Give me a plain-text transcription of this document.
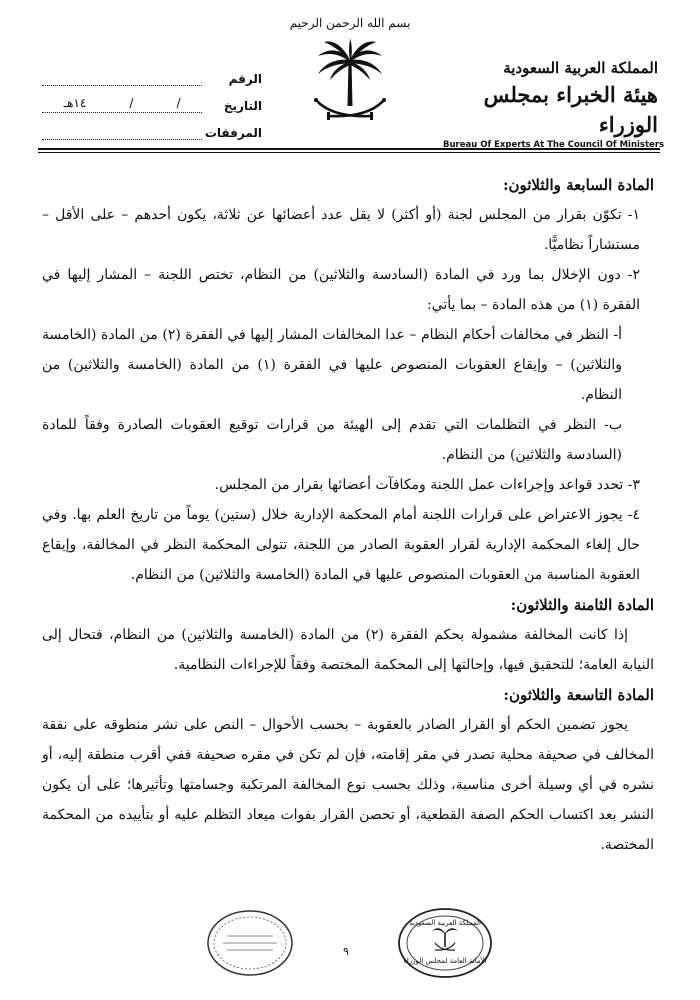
المملكة العربية السعودية
هيئة الخبراء بمجلس الوزراء
Bureau Of Experts At The Council Of Ministers
بسم الله الرحمن الرحيم
الرقم
التاريخ
/
/
١٤هـ
المرفقات
المادة السابعة والثلاثون:

١- تكوّن بقرار من المجلس لجنة (أو أكثر) لا يقل عدد أعضائها عن ثلاثة، يكون أحدهم – على الأقل – مستشاراً نظاميًّا.

٢- دون الإخلال بما ورد في المادة (السادسة والثلاثين) من النظام، تختص اللجنة – المشار إليها في الفقرة (١) من هذه المادة – بما يأتي:

أ- النظر في مخالفات أحكام النظام – عدا المخالفات المشار إليها في الفقرة (٢) من المادة (الخامسة والثلاثين) – وإيقاع العقوبات المنصوص عليها في الفقرة (١) من المادة (الخامسة والثلاثين) من النظام.

ب- النظر في التظلمات التي تقدم إلى الهيئة من قرارات توقيع العقوبات الصادرة وفقاً للمادة (السادسة والثلاثين) من النظام.

٣- تحدد قواعد وإجراءات عمل اللجنة ومكافآت أعضائها بقرار من المجلس.

٤- يجوز الاعتراض على قرارات اللجنة أمام المحكمة الإدارية خلال (ستين) يوماً من تاريخ العلم بها. وفي حال إلغاء المحكمة الإدارية لقرار العقوبة الصادر من اللجنة، تتولى المحكمة النظر في المخالفة، وإيقاع العقوبة المناسبة من العقوبات المنصوص عليها في المادة (الخامسة والثلاثين) من النظام.

المادة الثامنة والثلاثون:

إذا كانت المخالفة مشمولة بحكم الفقرة (٢) من المادة (الخامسة والثلاثين) من النظام، فتحال إلى النيابة العامة؛ للتحقيق فيها، وإحالتها إلى المحكمة المختصة وفقاً للإجراءات النظامية.

المادة التاسعة والثلاثون:

يجوز تضمين الحكم أو القرار الصادر بالعقوبة – بحسب الأحوال – النص على نشر منطوقه على نفقة المخالف في صحيفة محلية تصدر في مقر إقامته، فإن لم تكن في مقره صحيفة ففي أقرب منطقة إليه، أو نشره في أي وسيلة أخرى مناسبة، وذلك بحسب نوع المخالفة المرتكبة وجسامتها وتأثيرها؛ على أن يكون النشر بعد اكتساب الحكم الصفة القطعية، أو تحصن القرار بفوات ميعاد التظلم عليه أو بتأييده من المحكمة المختصة.

٩
المملكة العربية السعودية
الأمانة العامة لمجلس الوزراء
